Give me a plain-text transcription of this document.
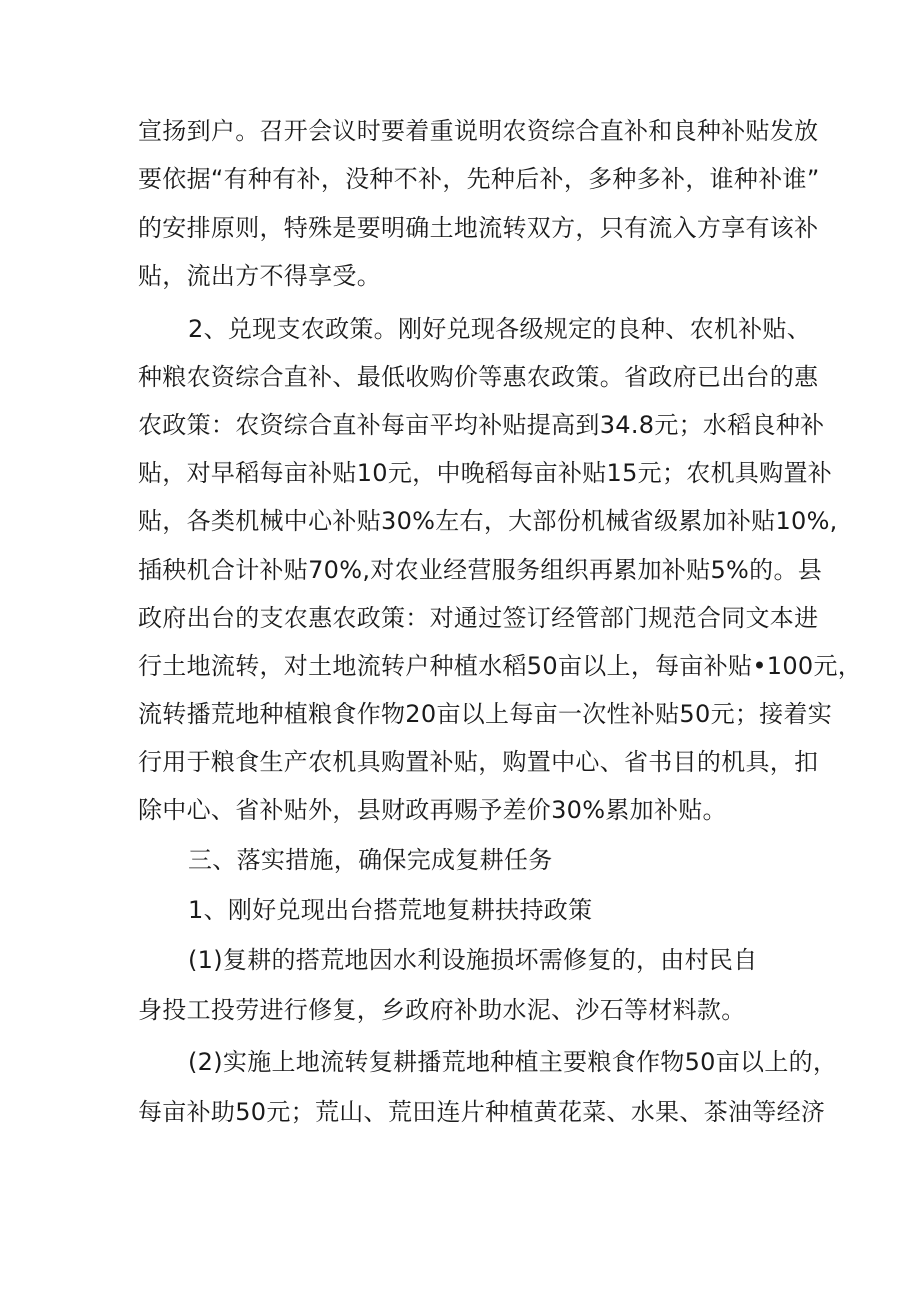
宣扬到户。召开会议时要着重说明农资综合直补和良种补贴发放
要依据“有种有补，没种不补，先种后补，多种多补，谁种补谁”
的安排原则，特殊是要明确土地流转双方，只有流入方享有该补
贴，流出方不得享受。
2、兑现支农政策。刚好兑现各级规定的良种、农机补贴、
种粮农资综合直补、最低收购价等惠农政策。省政府已出台的惠
农政策：农资综合直补每亩平均补贴提高到34.8元；水稻良种补
贴，对早稻每亩补贴10元，中晚稻每亩补贴15元；农机具购置补
贴，各类机械中心补贴30%左右，大部份机械省级累加补贴10%,
插秧机合计补贴70%,对农业经营服务组织再累加补贴5%的。县
政府出台的支农惠农政策：对通过签订经管部门规范合同文本进
行土地流转，对土地流转户种植水稻50亩以上，每亩补贴•100元，
流转播荒地种植粮食作物20亩以上每亩一次性补贴50元；接着实
行用于粮食生产农机具购置补贴，购置中心、省书目的机具，扣
除中心、省补贴外，县财政再赐予差价30%累加补贴。
三、落实措施，确保完成复耕任务
1、刚好兑现出台搭荒地复耕扶持政策
(1)复耕的搭荒地因水利设施损坏需修复的，由村民自
身投工投劳进行修复，乡政府补助水泥、沙石等材料款。
(2)实施上地流转复耕播荒地种植主要粮食作物50亩以上的，
每亩补助50元；荒山、荒田连片种植黄花菜、水果、茶油等经济
